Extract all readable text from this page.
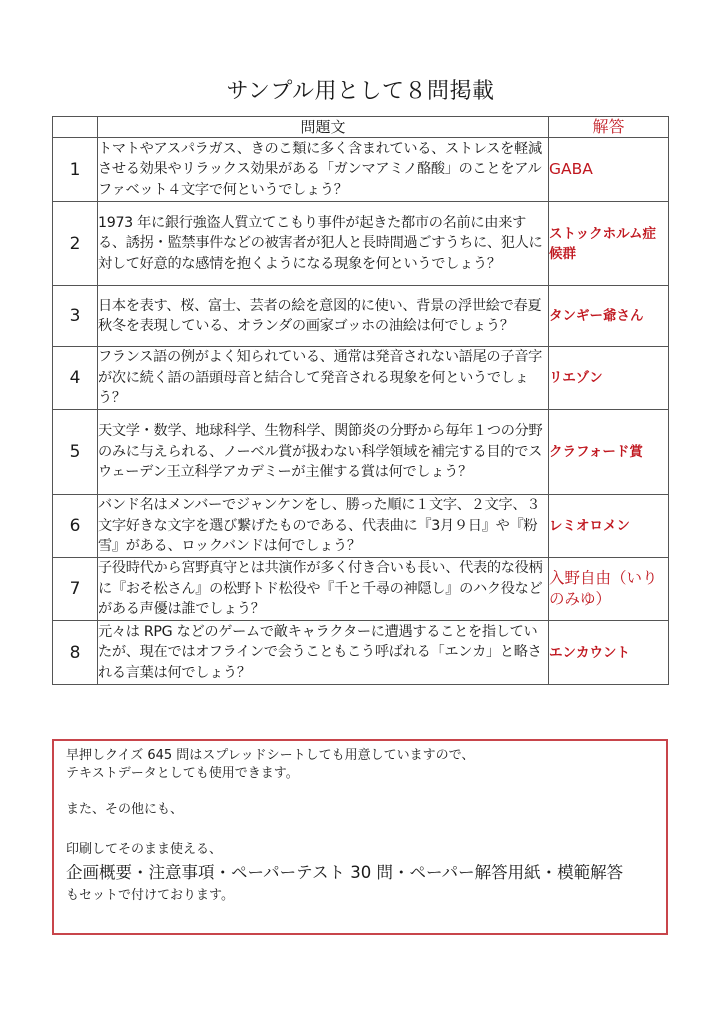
サンプル用として８問掲載
	問題文	解答
1	トマトやアスパラガス、きのこ類に多く含まれている、ストレスを軽減させる効果やリラックス効果がある「ガンマアミノ酪酸」のことをアルファベット４文字で何というでしょう？	GABA
2	1973 年に銀行強盗人質立てこもり事件が起きた都市の名前に由来する、誘拐・監禁事件などの被害者が犯人と長時間過ごすうちに、犯人に対して好意的な感情を抱くようになる現象を何というでしょう？	ストックホルム症候群
3	日本を表す、桜、富士、芸者の絵を意図的に使い、背景の浮世絵で春夏秋冬を表現している、オランダの画家ゴッホの油絵は何でしょう？	タンギー爺さん
4	フランス語の例がよく知られている、通常は発音されない語尾の子音字が次に続く語の語頭母音と結合して発音される現象を何というでしょう？	リエゾン
5	天文学・数学、地球科学、生物科学、関節炎の分野から毎年１つの分野のみに与えられる、ノーベル賞が扱わない科学領域を補完する目的でスウェーデン王立科学アカデミーが主催する賞は何でしょう？	クラフォード賞
6	バンド名はメンバーでジャンケンをし、勝った順に１文字、２文字、３文字好きな文字を選び繋げたものである、代表曲に『3月９日』や『粉雪』がある、ロックバンドは何でしょう？	レミオロメン
7	子役時代から宮野真守とは共演作が多く付き合いも長い、代表的な役柄に『おそ松さん』の松野トド松役や『千と千尋の神隠し』のハク役などがある声優は誰でしょう？	入野自由（いりのみゆ）
8	元々は RPG などのゲームで敵キャラクターに遭遇することを指していたが、現在ではオフラインで会うこともこう呼ばれる「エンカ」と略される言葉は何でしょう？	エンカウント

早押しクイズ 645 問はスプレッドシートしても用意していますので、

テキストデータとしても使用できます。

また、その他にも、

印刷してそのまま使える、

企画概要・注意事項・ペーパーテスト 30 問・ペーパー解答用紙・模範解答

もセットで付けております。
